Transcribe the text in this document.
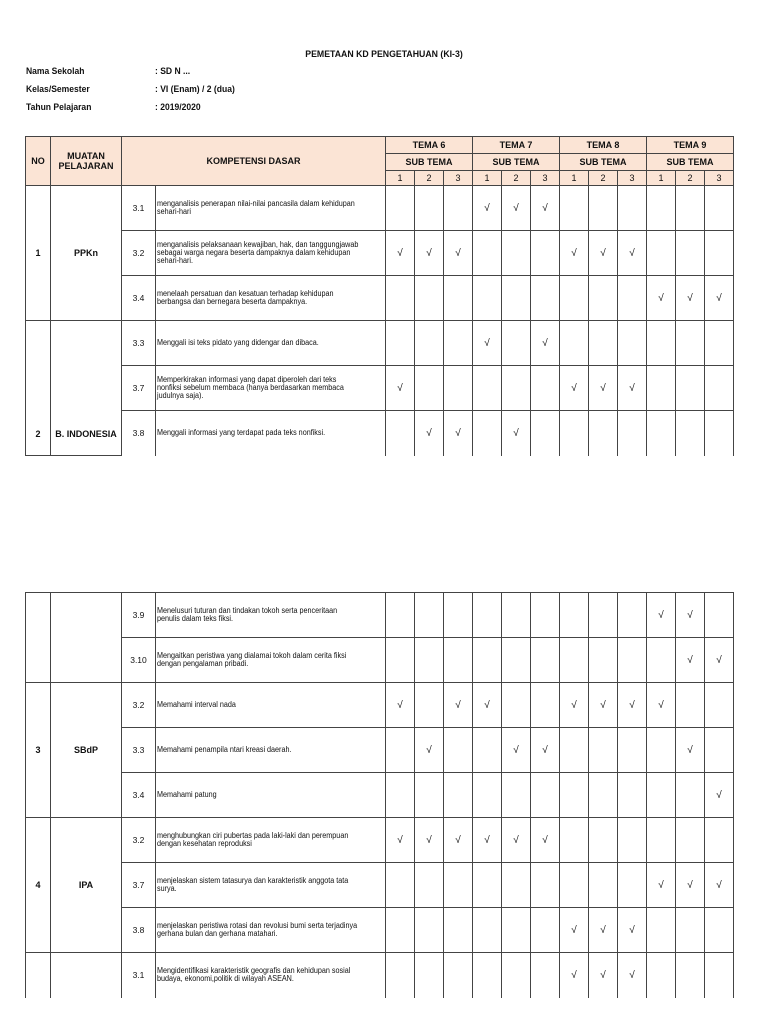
PEMETAAN KD PENGETAHUAN (KI-3)
Nama Sekolah	: SD N ...
Kelas/Semester	: VI (Enam) / 2 (dua)
Tahun Pelajaran	: 2019/2020
NO	MUATAN
PELAJARAN	KOMPETENSI DASAR		TEMA 6			TEMA 7			TEMA 8			TEMA 9		
				SUB TEMA			SUB TEMA			SUB TEMA			SUB TEMA		
				1	2	3	1	2	3	1	2	3	1	2	3
1	PPKn	3.1	menganalisis penerapan nilai-nilai pancasila dalam kehidupan sehari-hari				√	√	√						
		3.2	menganalisis pelaksanaan kewajiban, hak, dan tanggungjawab sebagai warga negara beserta dampaknya dalam kehidupan sehari-hari.	√	√	√				√	√	√			
		3.4	menelaah persatuan dan kesatuan terhadap kehidupan berbangsa dan bernegara beserta dampaknya.										√	√	√
2	B. INDONESIA	3.3	Menggali isi teks pidato yang didengar dan dibaca.				√		√						
		3.7	Memperkirakan informasi yang dapat diperoleh dari teks nonfiksi sebelum membaca (hanya berdasarkan membaca judulnya saja).	√						√	√	√			
		3.8	Menggali informasi yang terdapat pada teks nonfiksi.		√	√		√							
		3.9	Menelusuri tuturan dan tindakan tokoh serta penceritaan penulis dalam teks fiksi.										√	√	
		3.10	Mengaitkan peristiwa yang dialamai tokoh dalam cerita fiksi dengan pengalaman pribadi.											√	√
3	SBdP	3.2	Memahami interval nada	√		√	√			√	√	√	√		
		3.3	Memahami penampila ntari kreasi daerah.		√			√	√					√	
		3.4	Memahami patung												√
4	IPA	3.2	menghubungkan ciri pubertas pada laki-laki dan perempuan dengan kesehatan reproduksi	√	√	√	√	√	√						
		3.7	menjelaskan sistem tatasurya dan karakteristik anggota tata surya.										√	√	√
		3.8	menjelaskan peristiwa rotasi dan revolusi bumi serta terjadinya gerhana bulan dan gerhana matahari.							√	√	√			
		3.1	Mengidentifikasi karakteristik geografis dan kehidupan sosial budaya, ekonomi,politik di wilayah ASEAN.							√	√	√			
